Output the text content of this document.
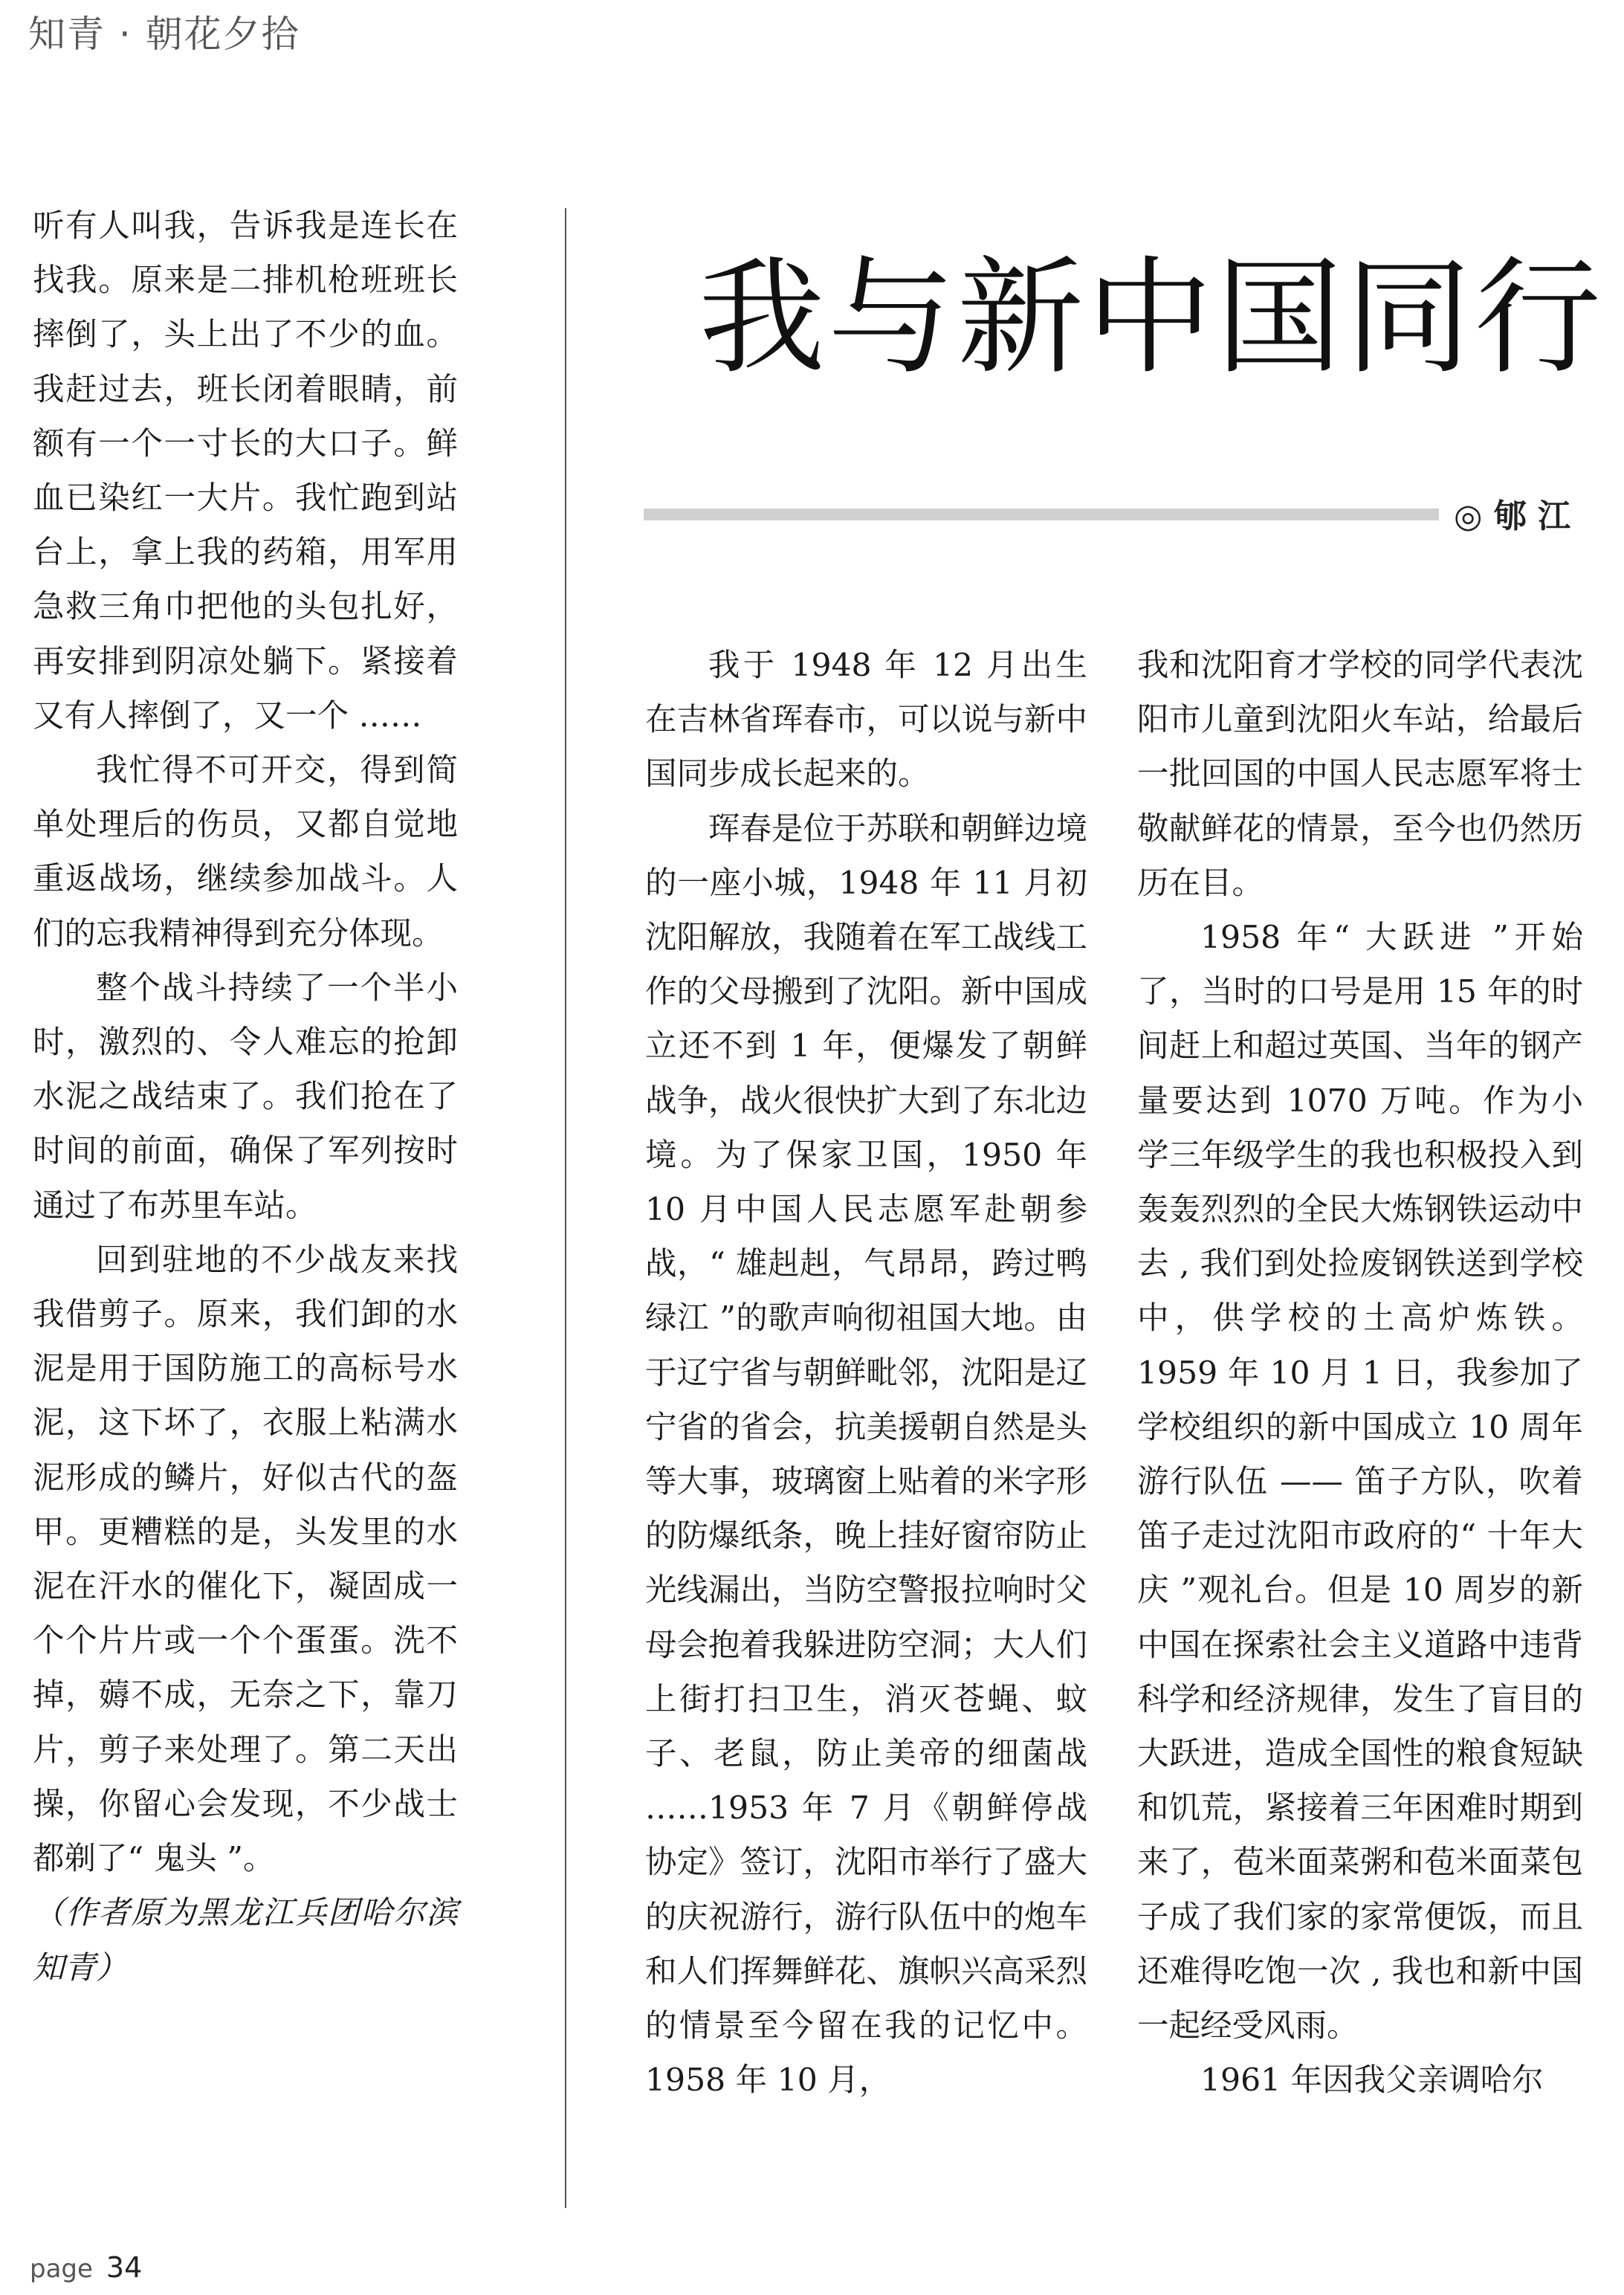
知青 · 朝花夕拾

听有人叫我，告诉我是连长在找我。原来是二排机枪班班长摔倒了，头上出了不少的血。我赶过去，班长闭着眼睛，前额有一个一寸长的大口子。鲜血已染红一大片。我忙跑到站台上，拿上我的药箱，用军用急救三角巾把他的头包扎好，再安排到阴凉处躺下。紧接着又有人摔倒了，又一个 ……

我忙得不可开交，得到简单处理后的伤员，又都自觉地重返战场，继续参加战斗。人们的忘我精神得到充分体现。

整个战斗持续了一个半小时，激烈的、令人难忘的抢卸水泥之战结束了。我们抢在了时间的前面，确保了军列按时通过了布苏里车站。

回到驻地的不少战友来找我借剪子。原来，我们卸的水泥是用于国防施工的高标号水泥，这下坏了，衣服上粘满水泥形成的鳞片，好似古代的盔甲。更糟糕的是，头发里的水泥在汗水的催化下，凝固成一个个片片或一个个蛋蛋。洗不掉，薅不成，无奈之下，靠刀片，剪子来处理了。第二天出操，你留心会发现，不少战士都剃了“ 鬼头 ”。

（作者原为黑龙江兵团哈尔滨知青）

我与新中国同行
◎ 郇 江

我于 1948 年 12 月出生在吉林省珲春市，可以说与新中国同步成长起来的。

珲春是位于苏联和朝鲜边境的一座小城，1948 年 11 月初沈阳解放，我随着在军工战线工作的父母搬到了沈阳。新中国成立还不到 1 年，便爆发了朝鲜战争，战火很快扩大到了东北边境。为了保家卫国，1950 年 10 月中国人民志愿军赴朝参战，“ 雄赳赳，气昂昂，跨过鸭绿江 ”的歌声响彻祖国大地。由于辽宁省与朝鲜毗邻，沈阳是辽宁省的省会，抗美援朝自然是头等大事，玻璃窗上贴着的米字形的防爆纸条，晚上挂好窗帘防止光线漏出，当防空警报拉响时父母会抱着我躲进防空洞；大人们上街打扫卫生，消灭苍蝇、蚊子、老鼠，防止美帝的细菌战 ……1953 年 7 月《朝鲜停战协定》签订，沈阳市举行了盛大的庆祝游行，游行队伍中的炮车和人们挥舞鲜花、旗帜兴高采烈的情景至今留在我的记忆中。1958 年 10 月，

我和沈阳育才学校的同学代表沈阳市儿童到沈阳火车站，给最后一批回国的中国人民志愿军将士敬献鲜花的情景，至今也仍然历历在目。

1958 年“ 大跃进 ”开始了，当时的口号是用 15 年的时间赶上和超过英国、当年的钢产量要达到 1070 万吨。作为小学三年级学生的我也积极投入到轰轰烈烈的全民大炼钢铁运动中去 , 我们到处捡废钢铁送到学校中，供学校的土高炉炼铁。1959 年 10 月 1 日，我参加了学校组织的新中国成立 10 周年游行队伍 —— 笛子方队，吹着笛子走过沈阳市政府的“ 十年大庆 ”观礼台。但是 10 周岁的新中国在探索社会主义道路中违背科学和经济规律，发生了盲目的大跃进，造成全国性的粮食短缺和饥荒，紧接着三年困难时期到来了，苞米面菜粥和苞米面菜包子成了我们家的家常便饭，而且还难得吃饱一次 , 我也和新中国一起经受风雨。

1961 年因我父亲调哈尔

page 34
